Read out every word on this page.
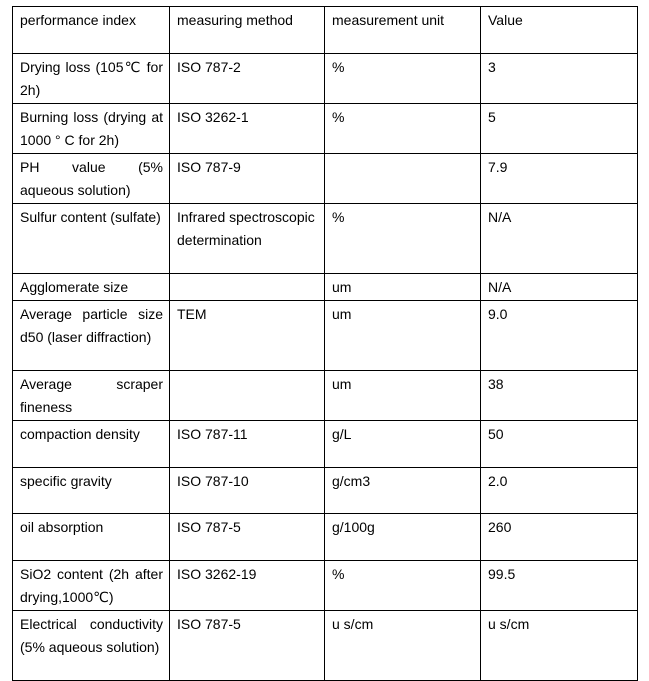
performance index	measuring method	measurement unit	Value
Drying loss (105℃ for 2h)	ISO 787-2	%	3
Burning loss (drying at 1000 ° C for 2h)	ISO 3262-1	%	5
PH value (5% aqueous solution)	ISO 787-9		7.9
Sulfur content (sulfate)	Infrared spectroscopic determination	%	N/A
Agglomerate size		um	N/A
Average particle size d50 (laser diffraction)	TEM	um	9.0
Average scraper fineness		um	38
compaction density	ISO 787-11	g/L	50
specific gravity	ISO 787-10	g/cm3	2.0
oil absorption	ISO 787-5	g/100g	260
SiO2 content (2h after drying,1000℃)	ISO 3262-19	%	99.5
Electrical conductivity (5% aqueous solution)	ISO 787-5	u s/cm	u s/cm
